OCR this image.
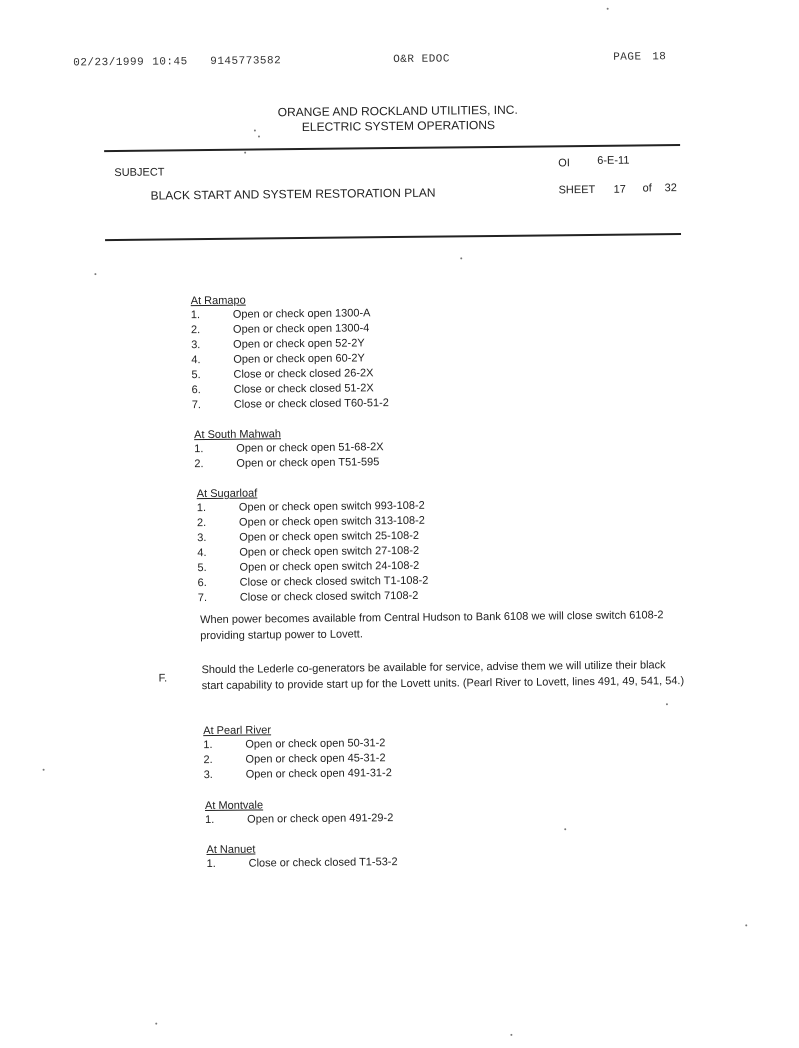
02/23/1999 10:45 9145773582	O&R EDOC	PAGE 18
ORANGE AND ROCKLAND UTILITIES, INC.
ELECTRIC SYSTEM OPERATIONS
SUBJECT
BLACK START AND SYSTEM RESTORATION PLAN
OI 6-E-11
SHEET 17 of 32
At Ramapo
1.	Open or check open 1300-A
2.	Open or check open 1300-4
3.	Open or check open 52-2Y
4.	Open or check open 60-2Y
5.	Close or check closed 26-2X
6.	Close or check closed 51-2X
7.	Close or check closed T60-51-2
At South Mahwah
1.	Open or check open 51-68-2X
2.	Open or check open T51-595
At Sugarloaf
1.	Open or check open switch 993-108-2
2.	Open or check open switch 313-108-2
3.	Open or check open switch 25-108-2
4.	Open or check open switch 27-108-2
5.	Open or check open switch 24-108-2
6.	Close or check closed switch T1-108-2
7.	Close or check closed switch 7108-2
When power becomes available from Central Hudson to Bank 6108 we will close switch 6108-2 providing startup power to Lovett.
F.
Should the Lederle co-generators be available for service, advise them we will utilize their black start capability to provide start up for the Lovett units. (Pearl River to Lovett, lines 491, 49, 541, 54.)
At Pearl River
1.	Open or check open 50-31-2
2.	Open or check open 45-31-2
3.	Open or check open 491-31-2
At Montvale
1.	Open or check open 491-29-2
At Nanuet
1.	Close or check closed T1-53-2
